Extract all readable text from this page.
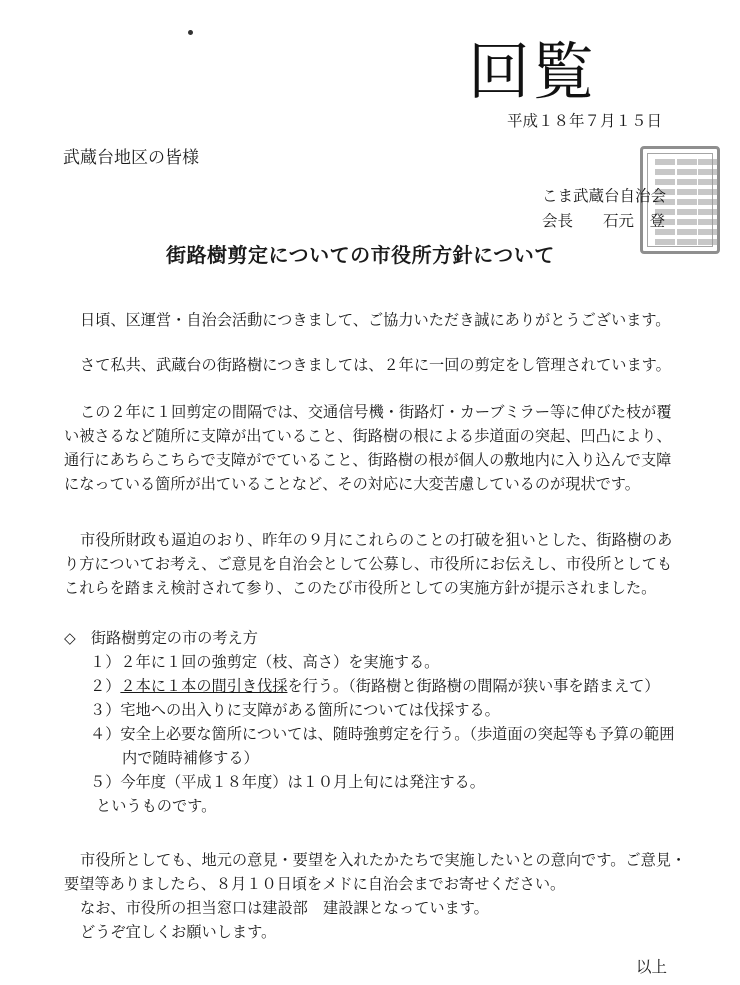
回覧
平成１８年７月１５日
武蔵台地区の皆様
こま武蔵台自治会
会長 石元　登
街路樹剪定についての市役所方針について
日頃、区運営・自治会活動につきまして、ご協力いただき誠にありがとうございます。
さて私共、武蔵台の街路樹につきましては、２年に一回の剪定をし管理されています。
この２年に１回剪定の間隔では、交通信号機・街路灯・カーブミラー等に伸びた枝が覆
い被さるなど随所に支障が出ていること、街路樹の根による歩道面の突起、凹凸により、
通行にあちらこちらで支障がでていること、街路樹の根が個人の敷地内に入り込んで支障
になっている箇所が出ていることなど、その対応に大変苦慮しているのが現状です。
市役所財政も逼迫のおり、昨年の９月にこれらのことの打破を狙いとした、街路樹のあ
り方についてお考え、ご意見を自治会として公募し、市役所にお伝えし、市役所としても
これらを踏まえ検討されて参り、このたび市役所としての実施方針が提示されました。
◇　街路樹剪定の市の考え方
１）２年に１回の強剪定（枝、高さ）を実施する。
２）２本に１本の間引き伐採を行う。（街路樹と街路樹の間隔が狭い事を踏まえて）
３）宅地への出入りに支障がある箇所については伐採する。
４）安全上必要な箇所については、随時強剪定を行う。（歩道面の突起等も予算の範囲
内で随時補修する）
５）今年度（平成１８年度）は１０月上旬には発注する。
というものです。
市役所としても、地元の意見・要望を入れたかたちで実施したいとの意向です。ご意見・
要望等ありましたら、８月１０日頃をメドに自治会までお寄せください。
なお、市役所の担当窓口は建設部　建設課となっています。
どうぞ宜しくお願いします。
以上
